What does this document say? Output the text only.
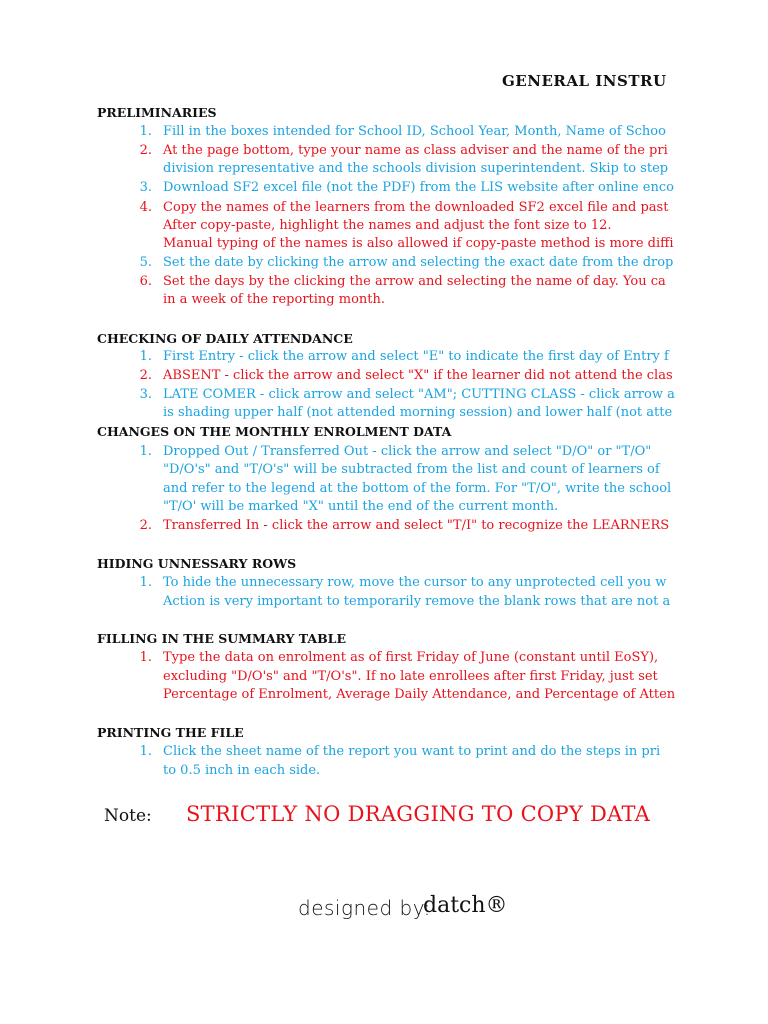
GENERAL INSTRU
PRELIMINARIES
1. Fill in the boxes intended for School ID, School Year, Month, Name of Schoo
2. At the page bottom, type your name as class adviser and the name of the pri
division representative and the schools division superintendent. Skip to step
3. Download SF2 excel file (not the PDF) from the LIS website after online enco
4. Copy the names of the learners from the downloaded SF2 excel file and past
After copy-paste, highlight the names and adjust the font size to 12.
Manual typing of the names is also allowed if copy-paste method is more diffi
5. Set the date by clicking the arrow and selecting the exact date from the drop
6. Set the days by the clicking the arrow and selecting the name of day. You ca
in a week of the reporting month.
CHECKING OF DAILY ATTENDANCE
1. First Entry - click the arrow and select "E" to indicate the first day of Entry f
2. ABSENT - click the arrow and select "X" if the learner did not attend the clas
3. LATE COMER - click arrow and select "AM"; CUTTING CLASS - click arrow a
is shading upper half (not attended morning session) and lower half (not atte
CHANGES ON THE MONTHLY ENROLMENT DATA
1. Dropped Out / Transferred Out - click the arrow and select "D/O" or "T/O"
"D/O's" and "T/O's" will be subtracted from the list and count of learners of
and refer to the legend at the bottom of the form. For "T/O", write the school
"T/O' will be marked "X" until the end of the current month.
2. Transferred In - click the arrow and select "T/I" to recognize the LEARNERS
HIDING UNNESSARY ROWS
1. To hide the unnecessary row, move the cursor to any unprotected cell you w
Action is very important to temporarily remove the blank rows that are not a
FILLING IN THE SUMMARY TABLE
1. Type the data on enrolment as of first Friday of June (constant until EoSY),
excluding "D/O's" and "T/O's". If no late enrollees after first Friday, just set
Percentage of Enrolment, Average Daily Attendance, and Percentage of Atten
PRINTING THE FILE
1. Click the sheet name of the report you want to print and do the steps in pri
to 0.5 inch in each side.
Note: STRICTLY NO DRAGGING TO COPY DATA
designed by:
datch®
